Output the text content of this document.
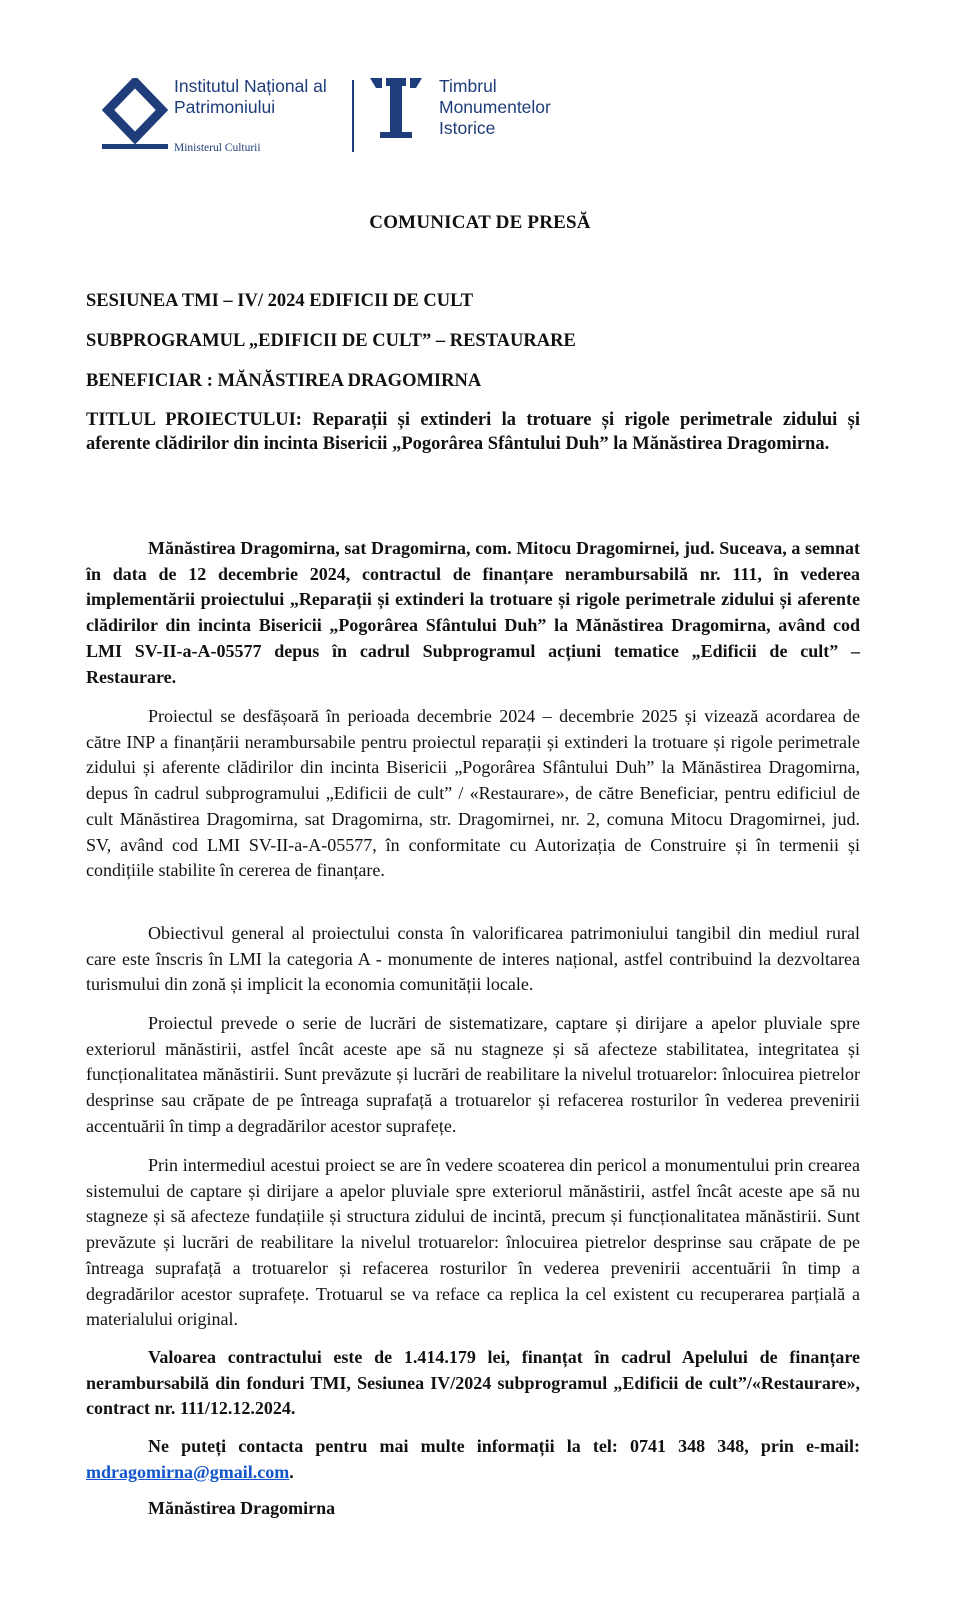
Institutul Național al
Patrimoniului
Ministerul Culturii
Timbrul
Monumentelor
Istorice
COMUNICAT DE PRESĂ

SESIUNEA TMI – IV/ 2024 EDIFICII DE CULT

SUBPROGRAMUL „EDIFICII DE CULT” – RESTAURARE

BENEFICIAR : MĂNĂSTIREA DRAGOMIRNA

TITLUL PROIECTULUI: Reparații și extinderi la trotuare și rigole perimetrale zidului și aferente clădirilor din incinta Bisericii „Pogorârea Sfântului Duh” la Mănăstirea Dragomirna.

Mănăstirea Dragomirna, sat Dragomirna, com. Mitocu Dragomirnei, jud. Suceava, a semnat în data de 12 decembrie 2024, contractul de finanțare nerambursabilă nr. 111, în vederea implementării proiectului „Reparații și extinderi la trotuare și rigole perimetrale zidului și aferente clădirilor din incinta Bisericii „Pogorârea Sfântului Duh” la Mănăstirea Dragomirna, având cod LMI SV-II-a-A-05577 depus în cadrul Subprogramul acțiuni tematice „Edificii de cult” – Restaurare.

Proiectul se desfășoară în perioada decembrie 2024 – decembrie 2025 și vizează acordarea de către INP a finanțării nerambursabile pentru proiectul reparații și extinderi la trotuare și rigole perimetrale zidului și aferente clădirilor din incinta Bisericii „Pogorârea Sfântului Duh” la Mănăstirea Dragomirna, depus în cadrul subprogramului „Edificii de cult” / «Restaurare», de către Beneficiar, pentru edificiul de cult Mănăstirea Dragomirna, sat Dragomirna, str. Dragomirnei, nr. 2, comuna Mitocu Dragomirnei, jud. SV, având cod LMI SV-II-a-A-05577, în conformitate cu Autorizația de Construire și în termenii și condițiile stabilite în cererea de finanțare.

Obiectivul general al proiectului consta în valorificarea patrimoniului tangibil din mediul rural care este înscris în LMI la categoria A - monumente de interes național, astfel contribuind la dezvoltarea turismului din zonă și implicit la economia comunității locale.

Proiectul prevede o serie de lucrări de sistematizare, captare și dirijare a apelor pluviale spre exteriorul mănăstirii, astfel încât aceste ape să nu stagneze și să afecteze stabilitatea, integritatea și funcționalitatea mănăstirii. Sunt prevăzute și lucrări de reabilitare la nivelul trotuarelor: înlocuirea pietrelor desprinse sau crăpate de pe întreaga suprafață a trotuarelor și refacerea rosturilor în vederea prevenirii accentuării în timp a degradărilor acestor suprafețe.

Prin intermediul acestui proiect se are în vedere scoaterea din pericol a monumentului prin crearea sistemului de captare și dirijare a apelor pluviale spre exteriorul mănăstirii, astfel încât aceste ape să nu stagneze și să afecteze fundațiile și structura zidului de incintă, precum și funcționalitatea mănăstirii. Sunt prevăzute și lucrări de reabilitare la nivelul trotuarelor: înlocuirea pietrelor desprinse sau crăpate de pe întreaga suprafață a trotuarelor și refacerea rosturilor în vederea prevenirii accentuării în timp a degradărilor acestor suprafețe. Trotuarul se va reface ca replica la cel existent cu recuperarea parțială a materialului original.

Valoarea contractului este de 1.414.179 lei, finanțat în cadrul Apelului de finanțare nerambursabilă din fonduri TMI, Sesiunea IV/2024 subprogramul „Edificii de cult”/«Restaurare», contract nr. 111/12.12.2024.

Ne puteți contacta pentru mai multe informații la tel: 0741 348 348, prin e-mail: mdragomirna@gmail.com.

Mănăstirea Dragomirna
